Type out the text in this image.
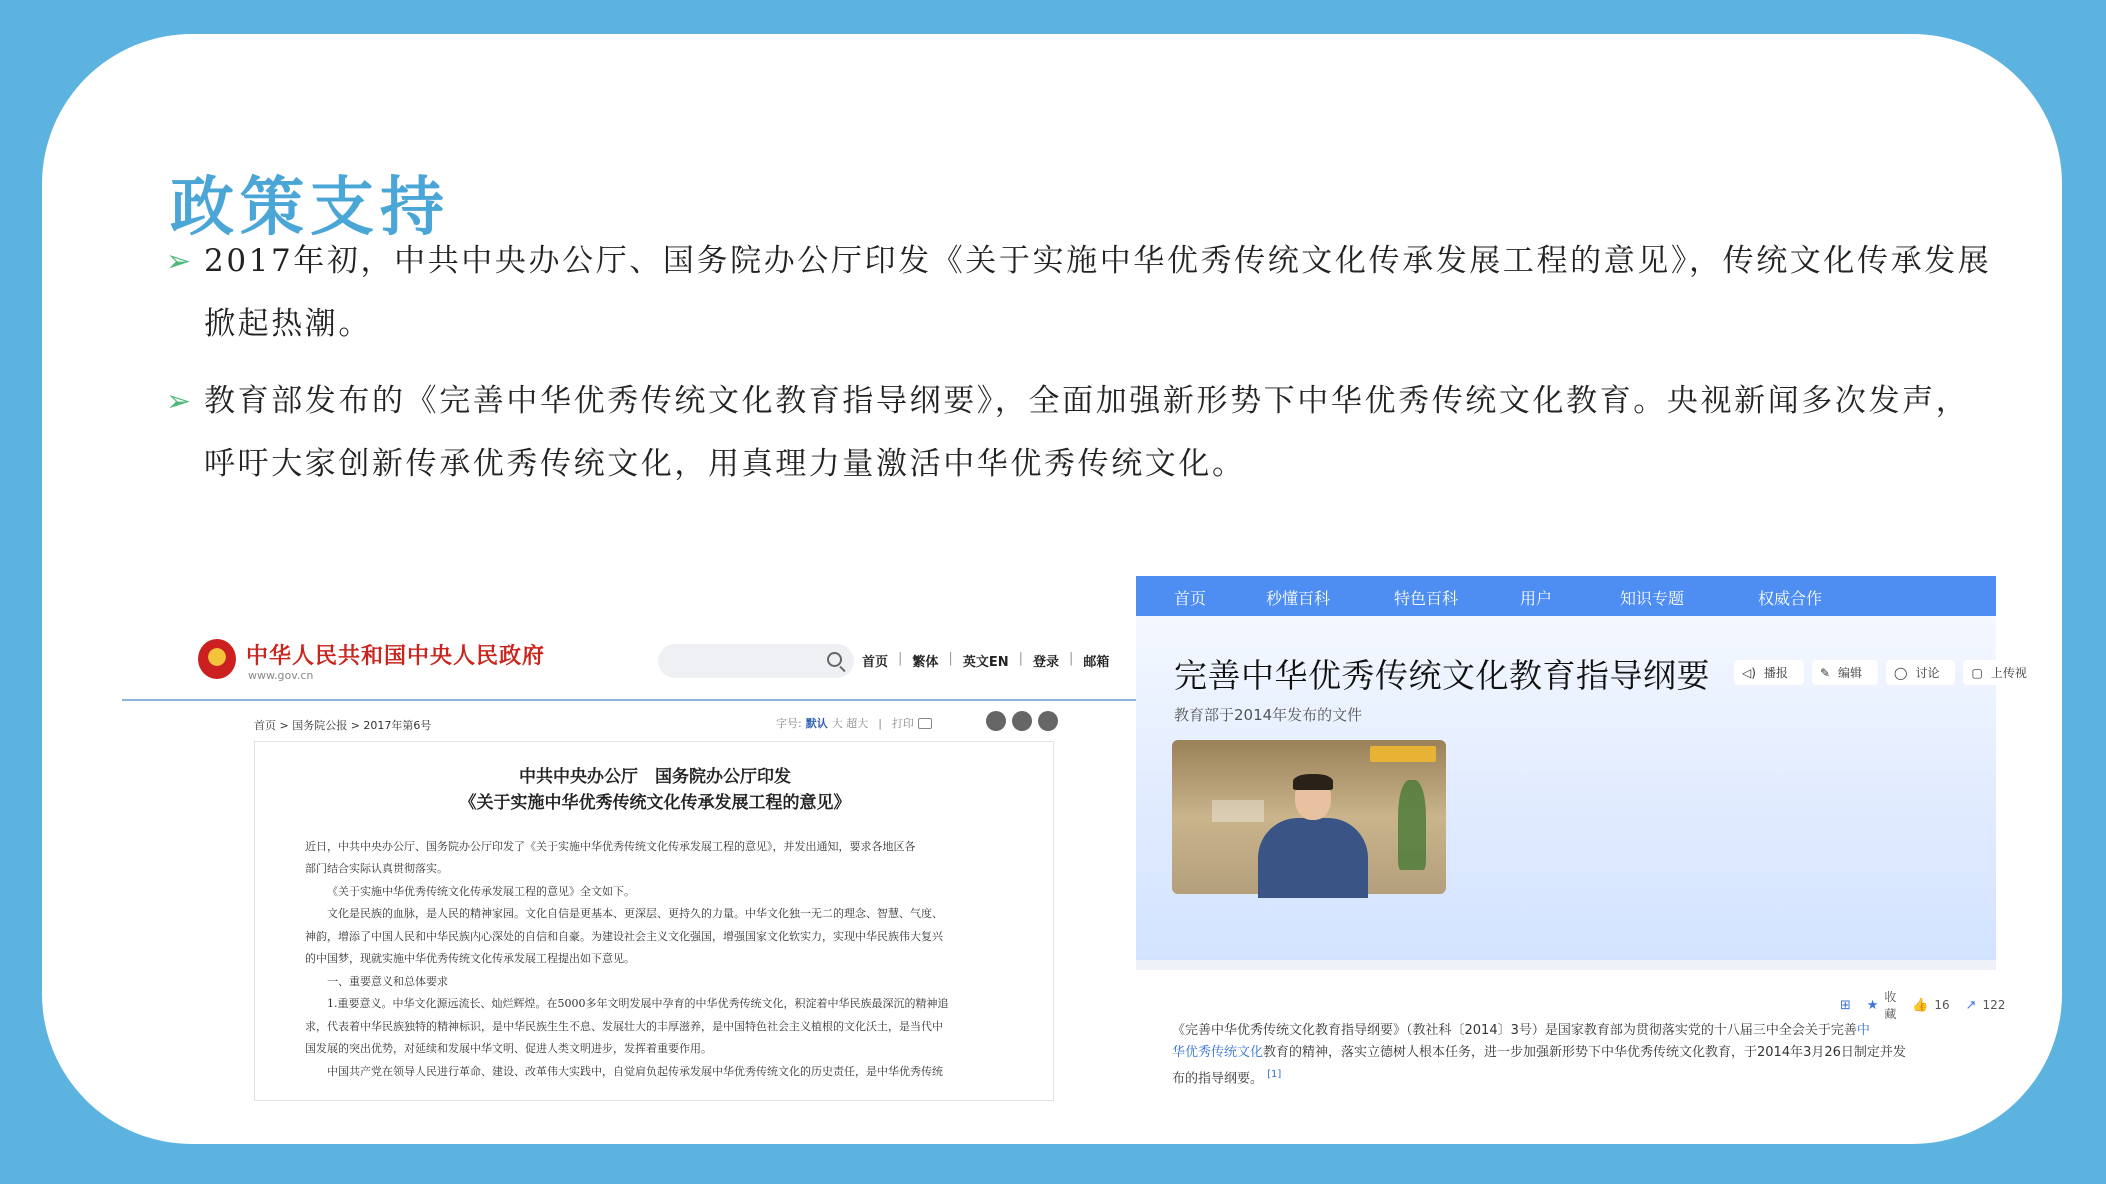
政策支持
➢ 2017年初，中共中央办公厅、国务院办公厅印发《关于实施中华优秀传统文化传承发展工程的意见》，传统文化传承发展掀起热潮。
➢ 教育部发布的《完善中华优秀传统文化教育指导纲要》，全面加强新形势下中华优秀传统文化教育。央视新闻多次发声，呼吁大家创新传承优秀传统文化，用真理力量激活中华优秀传统文化。
★
中华人民共和国中央人民政府
www.gov.cn
首页 | 繁体 | 英文EN | 登录 | 邮箱
首页 > 国务院公报 > 2017年第6号	字号: 默认 大
超大 | 打印
中共中央办公厅　国务院办公厅印发
《关于实施中华优秀传统文化传承发展工程的意见》
近日，中共中央办公厅、国务院办公厅印发了《关于实施中华优秀传统文化传承发展工程的意见》，并发出通知，要求各地区各
部门结合实际认真贯彻落实。
《关于实施中华优秀传统文化传承发展工程的意见》全文如下。
文化是民族的血脉，是人民的精神家园。文化自信是更基本、更深层、更持久的力量。中华文化独一无二的理念、智慧、气度、
神韵，增添了中国人民和中华民族内心深处的自信和自豪。为建设社会主义文化强国，增强国家文化软实力，实现中华民族伟大复兴
的中国梦，现就实施中华优秀传统文化传承发展工程提出如下意见。
一、重要意义和总体要求
1.重要意义。中华文化源远流长、灿烂辉煌。在5000多年文明发展中孕育的中华优秀传统文化，积淀着中华民族最深沉的精神追
求，代表着中华民族独特的精神标识，是中华民族生生不息、发展壮大的丰厚滋养，是中国特色社会主义植根的文化沃土，是当代中
国发展的突出优势，对延续和发展中华文明、促进人类文明进步，发挥着重要作用。
中国共产党在领导人民进行革命、建设、改革伟大实践中，自觉肩负起传承发展中华优秀传统文化的历史责任，是中华优秀传统
首页	秒懂百科	特色百科	用户	知识专题	权威合作
完善中华优秀传统文化教育指导纲要	◁) 播报	✎ 编辑	◯ 讨论	▢ 上传视
教育部于2014年发布的文件
⊞
★
收藏

👍 16
↗ 122
《完善中华优秀传统文化教育指导纲要》（教社科〔2014〕3号）是国家教育部为贯彻落实党的十八届三中全会关于完善中
华优秀传统文化教育的精神，落实立德树人根本任务，进一步加强新形势下中华优秀传统文化教育，于2014年3月26日制定并发
布的指导纲要。 [1]
